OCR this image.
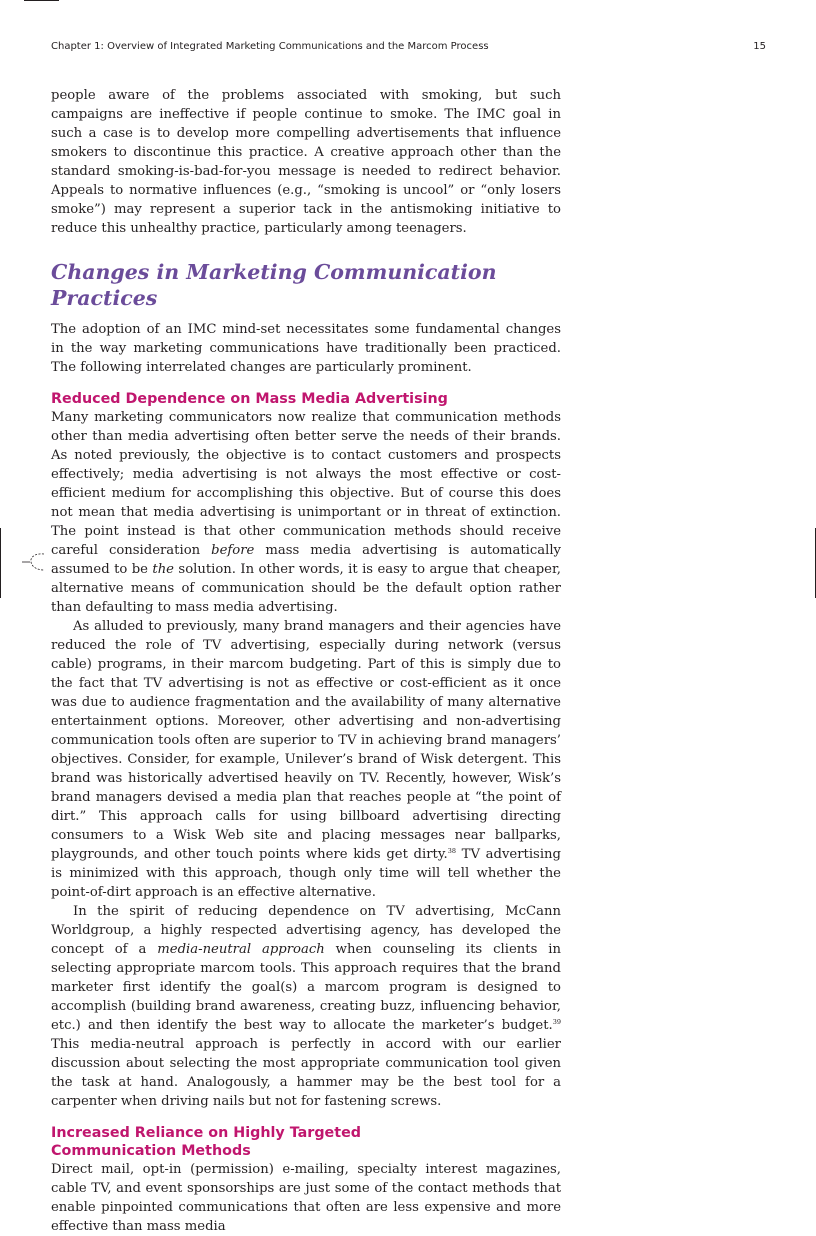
Chapter 1: Overview of Integrated Marketing Communications and the Marcom Process	15

people aware of the problems associated with smoking, but such campaigns are ineffective if people continue to smoke. The IMC goal in such a case is to develop more compelling advertisements that influence smokers to discontinue this practice. A creative approach other than the standard smoking-is-bad-for-you message is needed to redirect behavior. Appeals to normative influences (e.g., “smoking is uncool” or “only losers smoke”) may represent a superior tack in the antismoking initiative to reduce this unhealthy practice, particularly among teenagers.

Changes in Marketing Communication Practices

The adoption of an IMC mind-set necessitates some fundamental changes in the way marketing communications have traditionally been practiced. The following interrelated changes are particularly prominent.

Reduced Dependence on Mass Media Advertising

Many marketing communicators now realize that communication methods other than media advertising often better serve the needs of their brands. As noted previously, the objective is to contact customers and prospects effectively; media advertising is not always the most effective or cost-efficient medium for accomplishing this objective. But of course this does not mean that media advertising is unimportant or in threat of extinction. The point instead is that other communication methods should receive careful consideration before mass media advertising is automatically assumed to be the solution. In other words, it is easy to argue that cheaper, alternative means of communication should be the default option rather than defaulting to mass media advertising.

As alluded to previously, many brand managers and their agencies have reduced the role of TV advertising, especially during network (versus cable) programs, in their marcom budgeting. Part of this is simply due to the fact that TV advertising is not as effective or cost-efficient as it once was due to audience fragmentation and the availability of many alternative entertainment options. Moreover, other advertising and non-advertising communication tools often are superior to TV in achieving brand managers’ objectives. Consider, for example, Unilever’s brand of Wisk detergent. This brand was historically advertised heavily on TV. Recently, however, Wisk’s brand managers devised a media plan that reaches people at “the point of dirt.” This approach calls for using billboard advertising directing consumers to a Wisk Web site and placing messages near ballparks, playgrounds, and other touch points where kids get dirty.$^{38}$ TV advertising is minimized with this approach, though only time will tell whether the point-of-dirt approach is an effective alternative.

In the spirit of reducing dependence on TV advertising, McCann Worldgroup, a highly respected advertising agency, has developed the concept of a media-neutral approach when counseling its clients in selecting appropriate marcom tools. This approach requires that the brand marketer first identify the goal(s) a marcom program is designed to accomplish (building brand awareness, creating buzz, influencing behavior, etc.) and then identify the best way to allocate the marketer’s budget.$^{39}$ This media-neutral approach is perfectly in accord with our earlier discussion about selecting the most appropriate communication tool given the task at hand. Analogously, a hammer may be the best tool for a carpenter when driving nails but not for fastening screws.

Increased Reliance on Highly Targeted
Communication Methods

Direct mail, opt-in (permission) e-mailing, specialty interest magazines, cable TV, and event sponsorships are just some of the contact methods that enable pinpointed communications that often are less expensive and more effective than mass media
